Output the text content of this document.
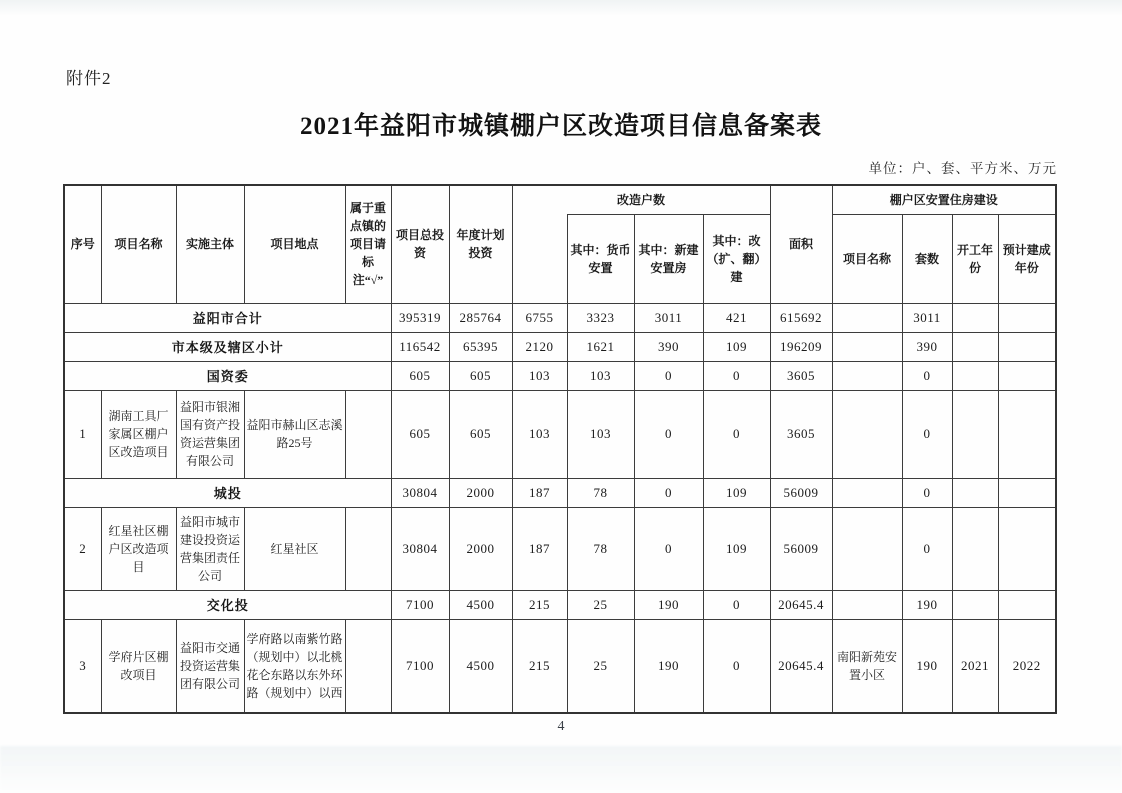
附件2
2021年益阳市城镇棚户区改造项目信息备案表
单位：户、套、平方米、万元
序号	项目名称	实施主体	项目地点	属于重点镇的项目请标注“√”	项目总投资	年度计划投资	改造户数				面积	棚户区安置住房建设			
								其中：货币安置	其中：新建安置房	其中：改（扩、翻）建		项目名称	套数	开工年份	预计建成年份
益阳市合计					395319	285764	6755	3323	3011	421	615692		3011		
市本级及辖区小计					116542	65395	2120	1621	390	109	196209		390		
国资委					605	605	103	103	0	0	3605		0		
1	湖南工具厂家属区棚户区改造项目	益阳市银湘国有资产投资运营集团有限公司	益阳市赫山区志溪路25号		605	605	103	103	0	0	3605		0		
城投					30804	2000	187	78	0	109	56009		0		
2	红星社区棚户区改造项目	益阳市城市建设投资运营集团责任公司	红星社区		30804	2000	187	78	0	109	56009		0		
交化投					7100	4500	215	25	190	0	20645.4		190		
3	学府片区棚改项目	益阳市交通投资运营集团有限公司	学府路以南紫竹路（规划中）以北桃花仑东路以东外环路（规划中）以西		7100	4500	215	25	190	0	20645.4	南阳新苑安置小区	190	2021	2022
4
